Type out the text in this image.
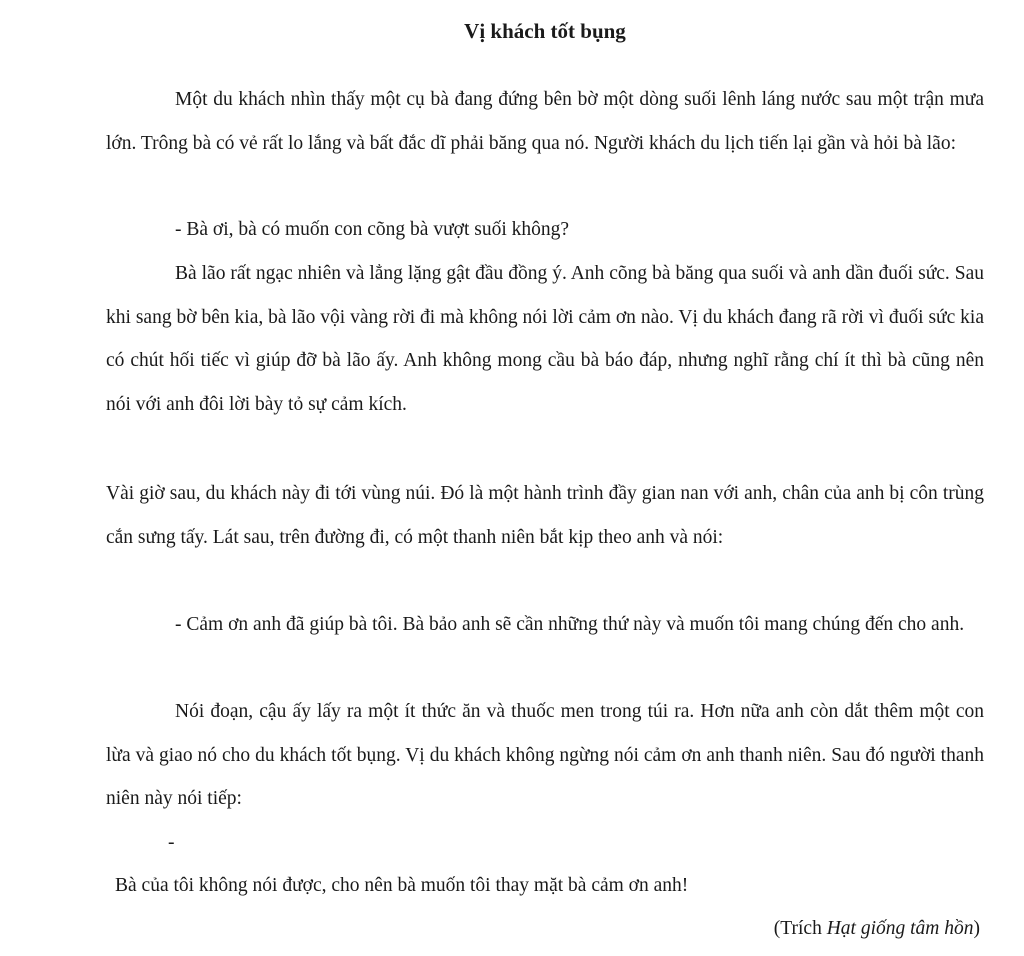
Vị khách tốt bụng

Một du khách nhìn thấy một cụ bà đang đứng bên bờ một dòng suối lênh láng nước sau một trận mưa lớn. Trông bà có vẻ rất lo lắng và bất đắc dĩ phải băng qua nó. Người khách du lịch tiến lại gần và hỏi bà lão:

- Bà ơi, bà có muốn con cõng bà vượt suối không?

Bà lão rất ngạc nhiên và lẳng lặng gật đầu đồng ý. Anh cõng bà băng qua suối và anh dần đuối sức. Sau khi sang bờ bên kia, bà lão vội vàng rời đi mà không nói lời cảm ơn nào. Vị du khách đang rã rời vì đuối sức kia có chút hối tiếc vì giúp đỡ bà lão ấy. Anh không mong cầu bà báo đáp, nhưng nghĩ rằng chí ít thì bà cũng nên nói với anh đôi lời bày tỏ sự cảm kích.

Vài giờ sau, du khách này đi tới vùng núi. Đó là một hành trình đầy gian nan với anh, chân của anh bị côn trùng cắn sưng tấy. Lát sau, trên đường đi, có một thanh niên bắt kịp theo anh và nói:

- Cảm ơn anh đã giúp bà tôi. Bà bảo anh sẽ cần những thứ này và muốn tôi mang chúng đến cho anh.

Nói đoạn, cậu ấy lấy ra một ít thức ăn và thuốc men trong túi ra. Hơn nữa anh còn dắt thêm một con lừa và giao nó cho du khách tốt bụng. Vị du khách không ngừng nói cảm ơn anh thanh niên. Sau đó người thanh niên này nói tiếp:

-
Bà của tôi không nói được, cho nên bà muốn tôi thay mặt bà cảm ơn anh!
(Trích Hạt giống tâm hồn)
